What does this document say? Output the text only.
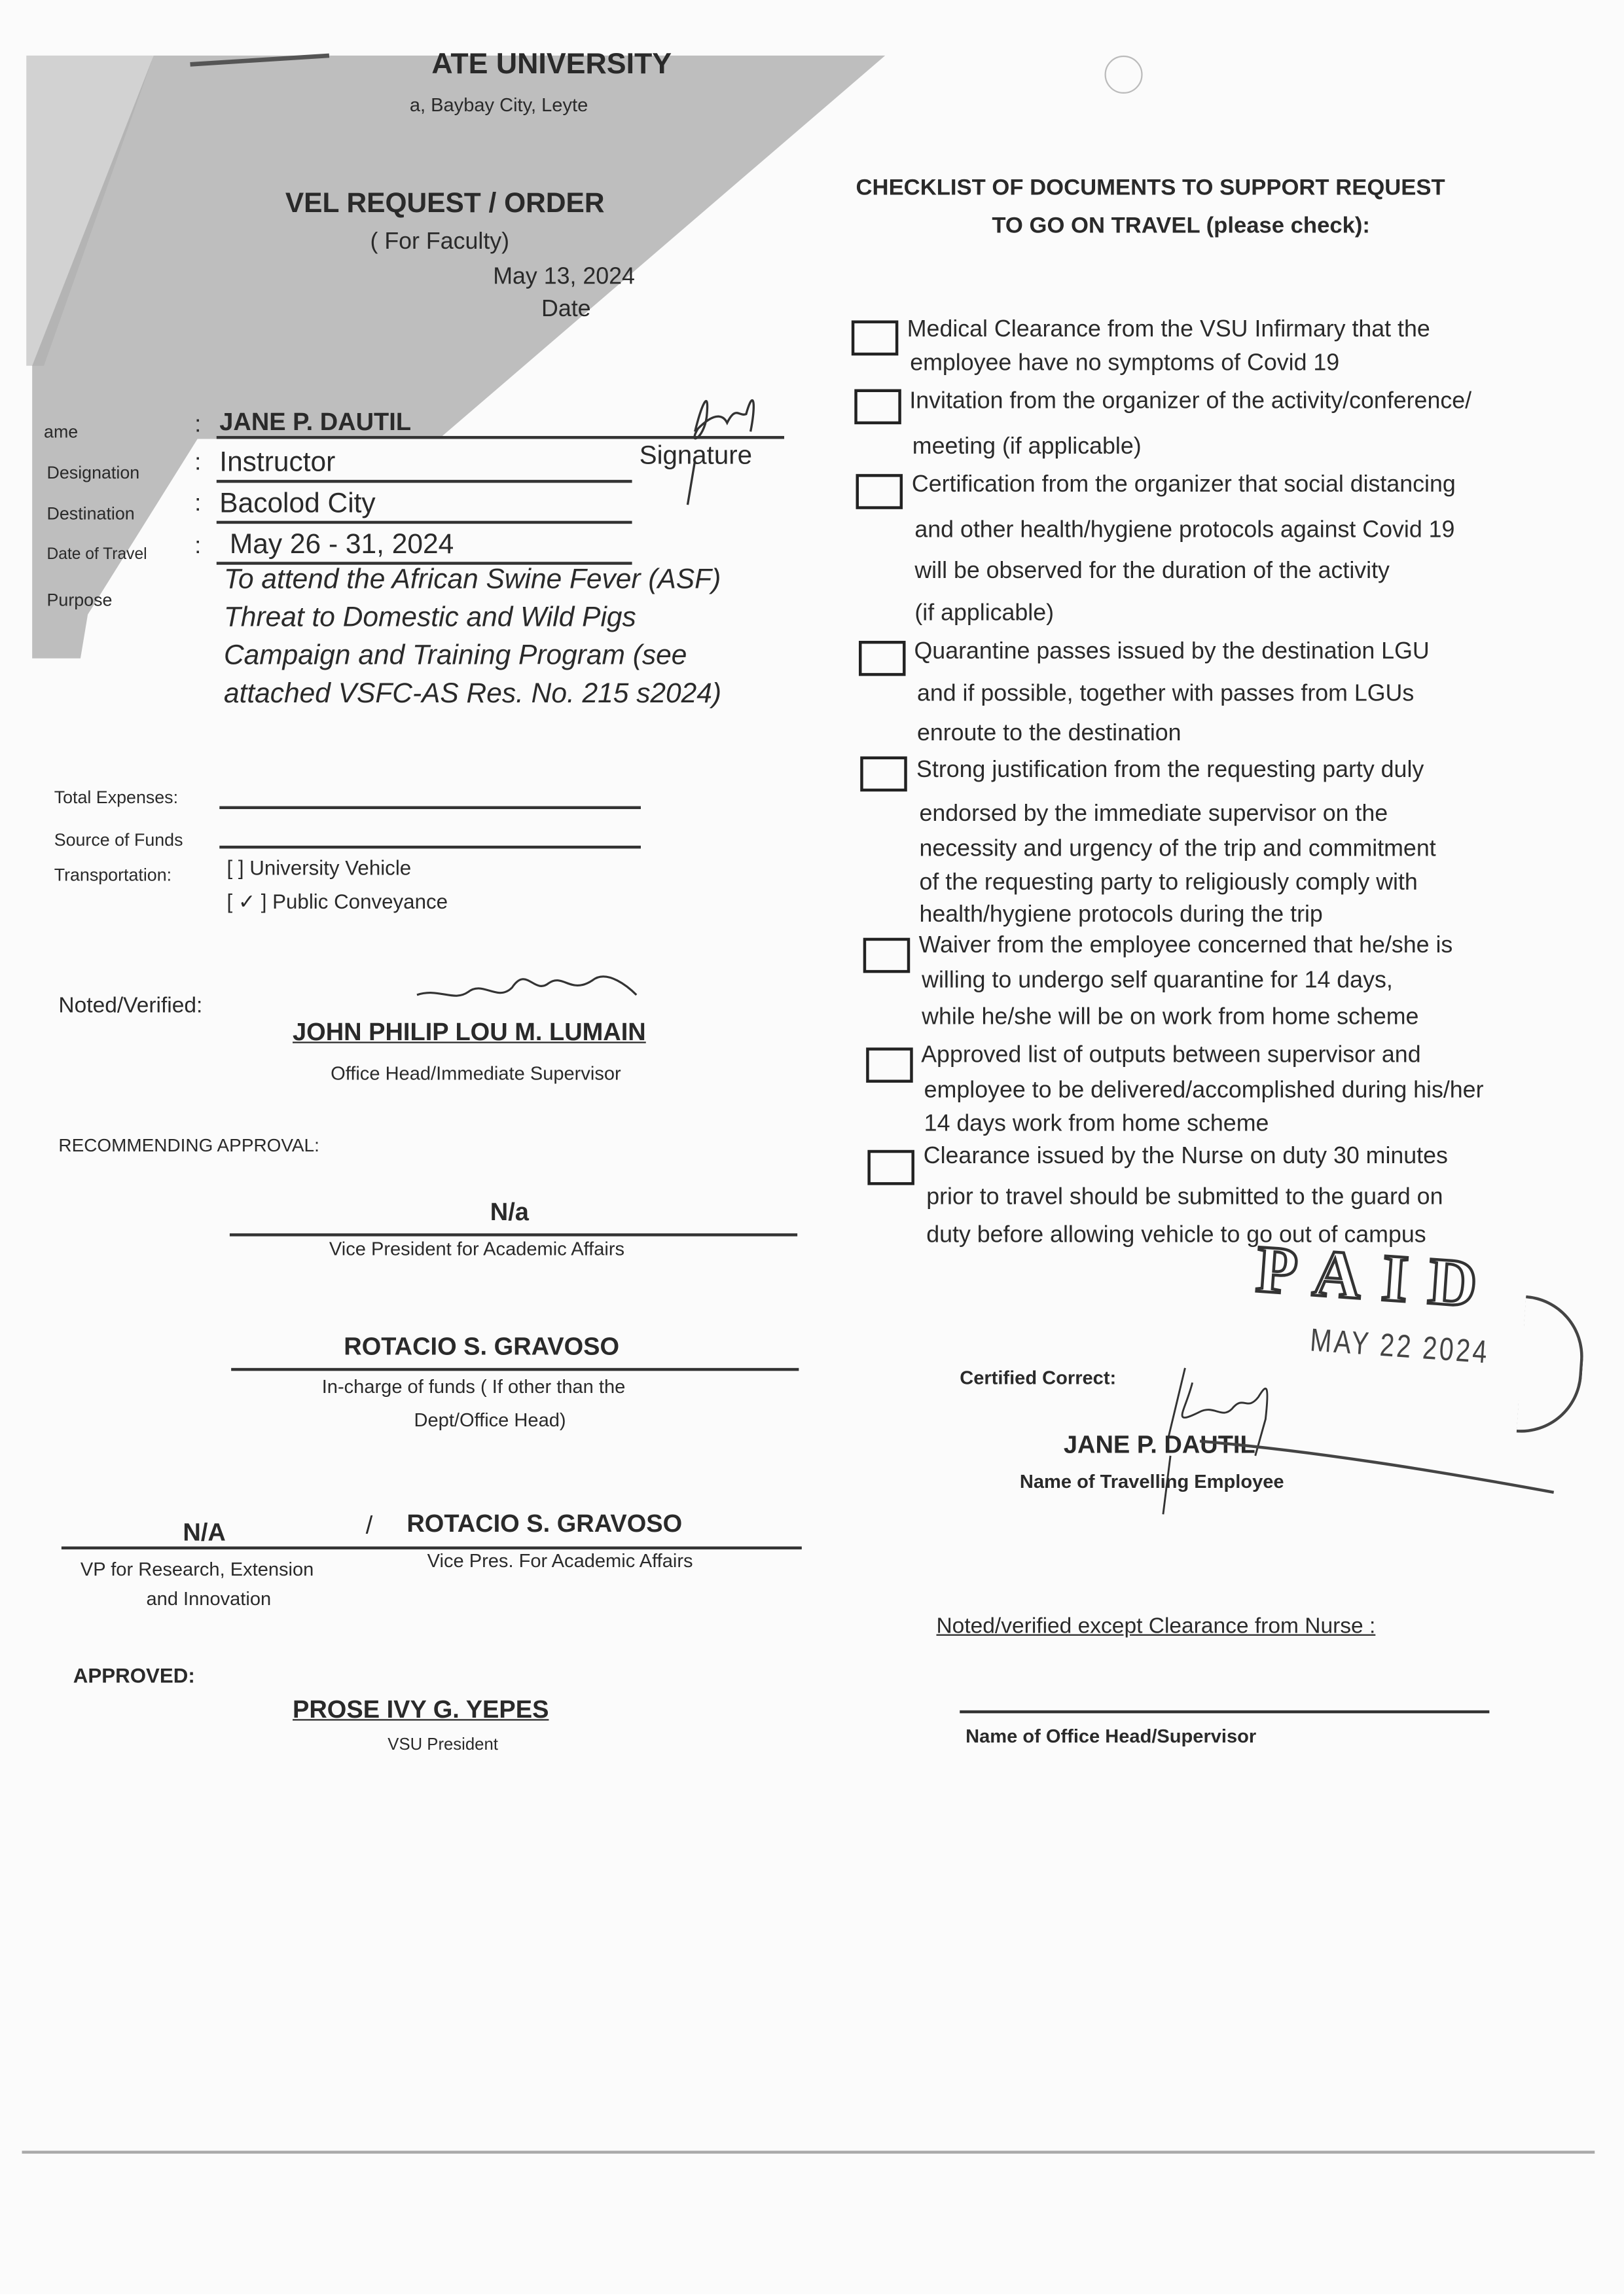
ATE UNIVERSITY
a, Baybay City, Leyte
VEL REQUEST / ORDER
( For Faculty)
May 13, 2024
Date
ame	: JANE P. DAUTIL
Signature
Designation	: Instructor
Destination	: Bacolod City
Date of Travel	: May 26 - 31, 2024
Purpose
To attend the African Swine Fever (ASF)
Threat to Domestic and Wild Pigs
Campaign and Training Program (see
attached VSFC-AS Res. No. 215 s2024)
Total Expenses:
Source of Funds
Transportation:	[ ] University Vehicle
[ ✓ ] Public Conveyance
Noted/Verified:
JOHN PHILIP LOU M. LUMAIN
Office Head/Immediate Supervisor
RECOMMENDING APPROVAL:
N/a
Vice President for Academic Affairs
ROTACIO S. GRAVOSO
In-charge of funds ( If other than the
Dept/Office Head)
N/A	/	ROTACIO S. GRAVOSO
VP for Research, Extension
and Innovation
Vice Pres. For Academic Affairs
APPROVED:
PROSE IVY G. YEPES
VSU President
CHECKLIST OF DOCUMENTS TO SUPPORT REQUEST
TO GO ON TRAVEL (please check):
Medical Clearance from the VSU Infirmary that the
employee have no symptoms of Covid 19
Invitation from the organizer of the activity/conference/
meeting (if applicable)
Certification from the organizer that social distancing
and other health/hygiene protocols against Covid 19
will be observed for the duration of the activity
(if applicable)
Quarantine passes issued by the destination LGU
and if possible, together with passes from LGUs
enroute to the destination
Strong justification from the requesting party duly
endorsed by the immediate supervisor on the
necessity and urgency of the trip and commitment
of the requesting party to religiously comply with
health/hygiene protocols during the trip
Waiver from the employee concerned that he/she is
willing to undergo self quarantine for 14 days,
while he/she will be on work from home scheme
Approved list of outputs between supervisor and
employee to be delivered/accomplished during his/her
14 days work from home scheme
Clearance issued by the Nurse on duty 30 minutes
prior to travel should be submitted to the guard on
duty before allowing vehicle to go out of campus
Certified Correct:
JANE P. DAUTIL
Name of Travelling Employee
Noted/verified except Clearance from Nurse :
Name of Office Head/Supervisor
PAID
MAY 22 2024
